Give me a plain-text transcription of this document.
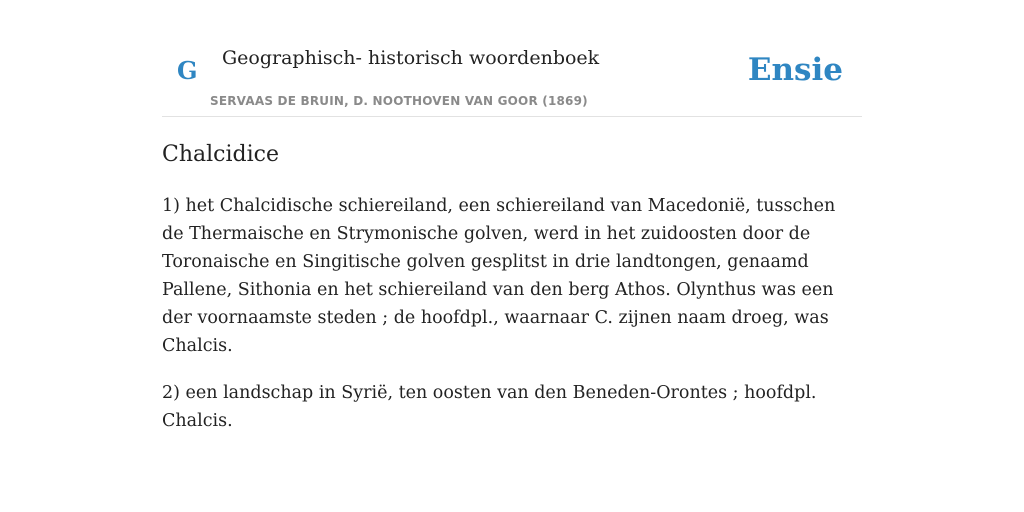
G Geographisch- historisch woordenboek
SERVAAS DE BRUIN, D. NOOTHOVEN VAN GOOR (1869)
Ensie
Chalcidice

1) het Chalcidische schiereiland, een schiereiland van Macedonië, tusschen de Thermaische en Strymonische golven, werd in het zuidoosten door de Toronaische en Singitische golven gesplitst in drie landtongen, genaamd Pallene, Sithonia en het schiereiland van den berg Athos. Olynthus was een der voornaamste steden ; de hoofdpl., waarnaar C. zijnen naam droeg, was Chalcis.

2) een landschap in Syrië, ten oosten van den Beneden-Orontes ; hoofdpl. Chalcis.
